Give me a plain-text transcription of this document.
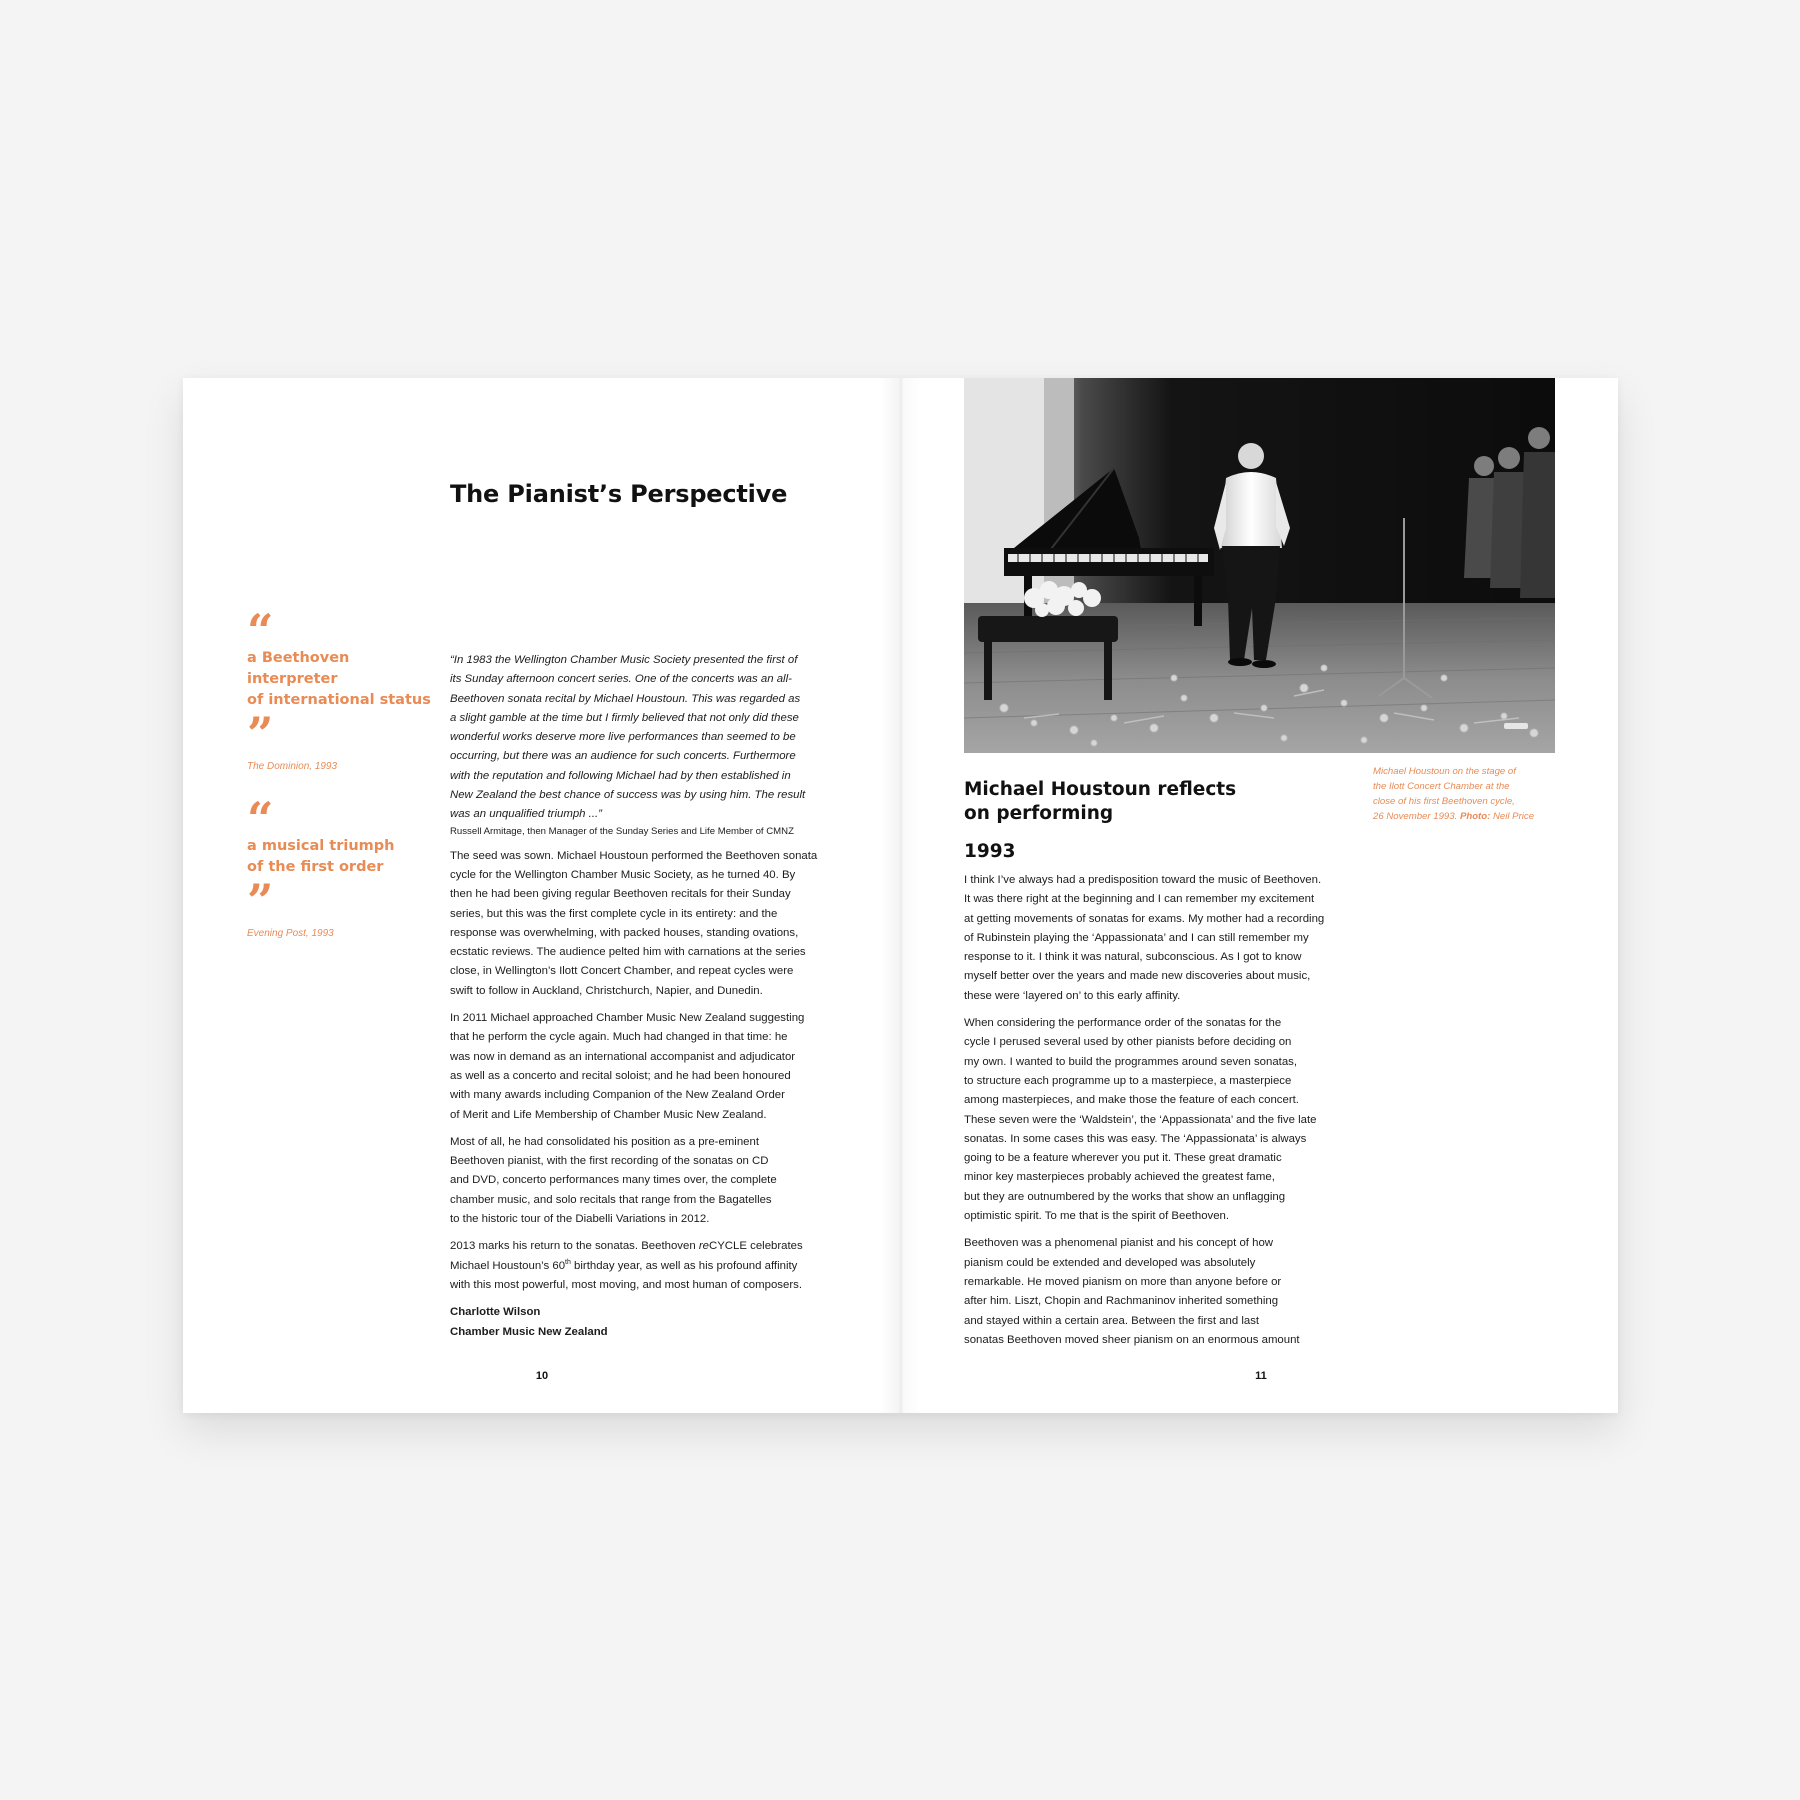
The Pianist’s Perspective
“
a Beethoven interpreter
of international status
”
The Dominion, 1993
“
a musical triumph
of the first order
”
Evening Post, 1993

“In 1983 the Wellington Chamber Music Society presented the first of
its Sunday afternoon concert series. One of the concerts was an all-
Beethoven sonata recital by Michael Houstoun. This was regarded as
a slight gamble at the time but I firmly believed that not only did these
wonderful works deserve more live performances than seemed to be
occurring, but there was an audience for such concerts. Furthermore
with the reputation and following Michael had by then established in
New Zealand the best chance of success was by using him. The result
was an unqualified triumph ...”

Russell Armitage, then Manager of the Sunday Series and Life Member of CMNZ

The seed was sown. Michael Houstoun performed the Beethoven sonata
cycle for the Wellington Chamber Music Society, as he turned 40. By
then he had been giving regular Beethoven recitals for their Sunday
series, but this was the first complete cycle in its entirety: and the
response was overwhelming, with packed houses, standing ovations,
ecstatic reviews. The audience pelted him with carnations at the series
close, in Wellington’s Ilott Concert Chamber, and repeat cycles were
swift to follow in Auckland, Christchurch, Napier, and Dunedin.

In 2011 Michael approached Chamber Music New Zealand suggesting
that he perform the cycle again. Much had changed in that time: he
was now in demand as an international accompanist and adjudicator
as well as a concerto and recital soloist; and he had been honoured
with many awards including Companion of the New Zealand Order
of Merit and Life Membership of Chamber Music New Zealand.

Most of all, he had consolidated his position as a pre-eminent
Beethoven pianist, with the first recording of the sonatas on CD
and DVD, concerto performances many times over, the complete
chamber music, and solo recitals that range from the Bagatelles
to the historic tour of the Diabelli Variations in 2012.

2013 marks his return to the sonatas. Beethoven reCYCLE celebrates
Michael Houstoun’s 60th birthday year, as well as his profound affinity
with this most powerful, most moving, and most human of composers.

Charlotte Wilson
Chamber Music New Zealand
10
Michael Houstoun on the stage of
the Ilott Concert Chamber at the
close of his first Beethoven cycle,
26 November 1993. Photo: Neil Price
Michael Houstoun reflects
on performing
1993

I think I’ve always had a predisposition toward the music of Beethoven.
It was there right at the beginning and I can remember my excitement
at getting movements of sonatas for exams. My mother had a recording
of Rubinstein playing the ‘Appassionata’ and I can still remember my
response to it. I think it was natural, subconscious. As I got to know
myself better over the years and made new discoveries about music,
these were ‘layered on’ to this early affinity.

When considering the performance order of the sonatas for the
cycle I perused several used by other pianists before deciding on
my own. I wanted to build the programmes around seven sonatas,
to structure each programme up to a masterpiece, a masterpiece
among masterpieces, and make those the feature of each concert.
These seven were the ‘Waldstein’, the ‘Appassionata’ and the five late
sonatas. In some cases this was easy. The ‘Appassionata’ is always
going to be a feature wherever you put it. These great dramatic
minor key masterpieces probably achieved the greatest fame,
but they are outnumbered by the works that show an unflagging
optimistic spirit. To me that is the spirit of Beethoven.

Beethoven was a phenomenal pianist and his concept of how
pianism could be extended and developed was absolutely
remarkable. He moved pianism on more than anyone before or
after him. Liszt, Chopin and Rachmaninov inherited something
and stayed within a certain area. Between the first and last
sonatas Beethoven moved sheer pianism on an enormous amount

11
